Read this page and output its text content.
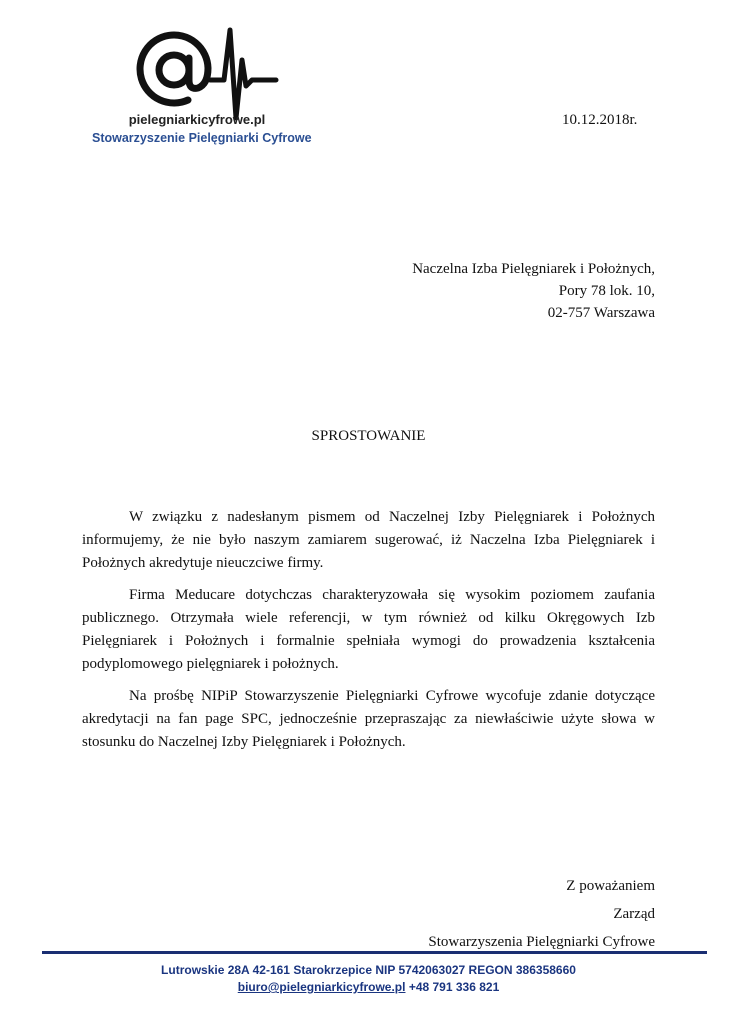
pielegniarkicyfrowe.pl
Stowarzyszenie Pielęgniarki Cyfrowe
10.12.2018r.
Naczelna Izba Pielęgniarek i Położnych,
Pory 78 lok. 10,
02-757 Warszawa
SPROSTOWANIE

W związku z nadesłanym pismem od Naczelnej Izby Pielęgniarek i Położnych informujemy, że nie było naszym zamiarem sugerować, iż Naczelna Izba Pielęgniarek i Położnych akredytuje nieuczciwe firmy.

Firma Meducare dotychczas charakteryzowała się wysokim poziomem zaufania publicznego. Otrzymała wiele referencji, w tym również od kilku Okręgowych Izb Pielęgniarek i Położnych i formalnie spełniała wymogi do prowadzenia kształcenia podyplomowego pielęgniarek i położnych.

Na prośbę NIPiP Stowarzyszenie Pielęgniarki Cyfrowe wycofuje zdanie dotyczące akredytacji na fan page SPC, jednocześnie przepraszając za niewłaściwie użyte słowa w stosunku do Naczelnej Izby Pielęgniarek i Położnych.

Z poważaniem
Zarząd
Stowarzyszenia Pielęgniarki Cyfrowe
Lutrowskie 28A 42-161 Starokrzepice NIP 5742063027 REGON 386358660
biuro@pielegniarkicyfrowe.pl +48 791 336 821
